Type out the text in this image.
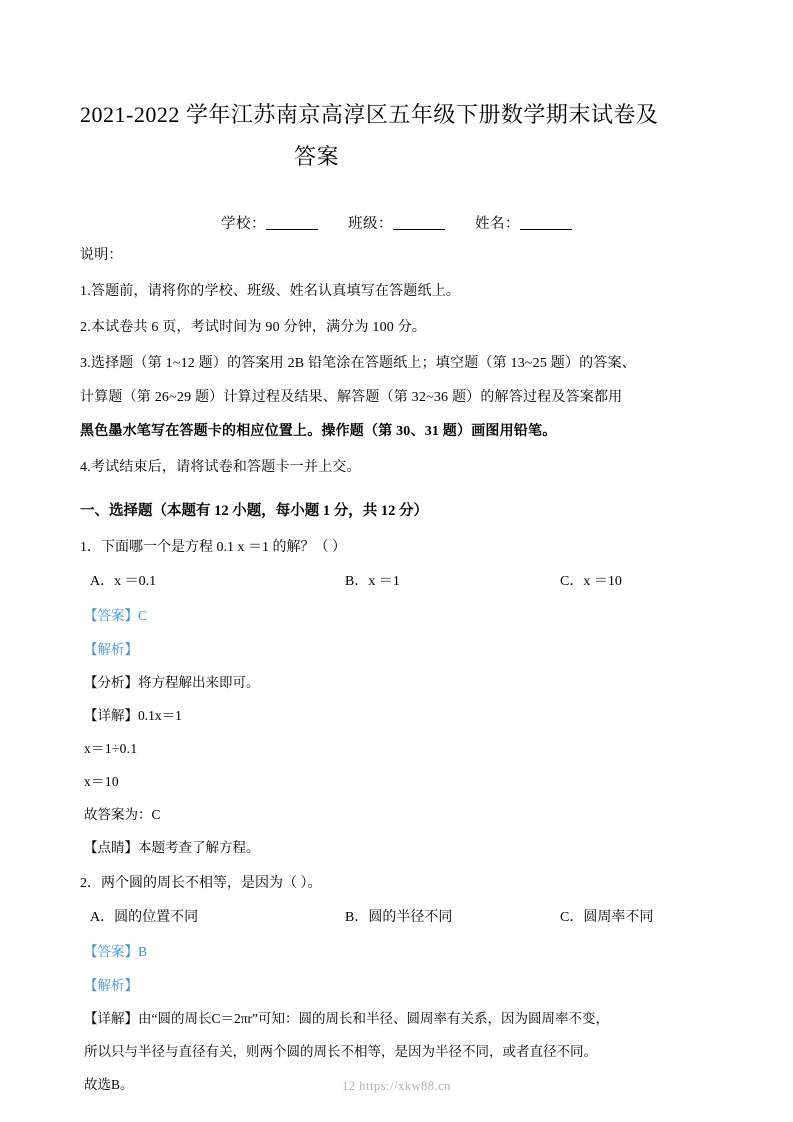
2021-2022 学年江苏南京高淳区五年级下册数学期末试卷及
答案
学校：	班级：	姓名：

说明：

1.答题前，请将你的学校、班级、姓名认真填写在答题纸上。

2.本试卷共 6 页，考试时间为 90 分钟，满分为 100 分。

3.选择题（第 1~12 题）的答案用 2B 铅笔涂在答题纸上；填空题（第 13~25 题）的答案、

计算题（第 26~29 题）计算过程及结果、解答题（第 32~36 题）的解答过程及答案都用

黑色墨水笔写在答题卡的相应位置上。操作题（第 30、31 题）画图用铅笔。

4.考试结束后，请将试卷和答题卡一并上交。

一、选择题（本题有 12 小题，每小题 1 分，共 12 分）
1．下面哪一个是方程 0.1 x ＝1 的解？（ ）
A．x ＝0.1	B．x ＝1	C．x ＝10
【答案】C
【解析】
【分析】将方程解出来即可。
【详解】0.1x＝1
x＝1÷0.1
x＝10
故答案为：C
【点睛】本题考查了解方程。
2．两个圆的周长不相等，是因为（ ）。
A．圆的位置不同	B．圆的半径不同	C．圆周率不同
【答案】B
【解析】
【详解】由“圆的周长C＝2πr”可知：圆的周长和半径、圆周率有关系，因为圆周率不变，
所以只与半径与直径有关，则两个圆的周长不相等，是因为半径不同，或者直径不同。
故选B。	12 https://xkw88.cn
